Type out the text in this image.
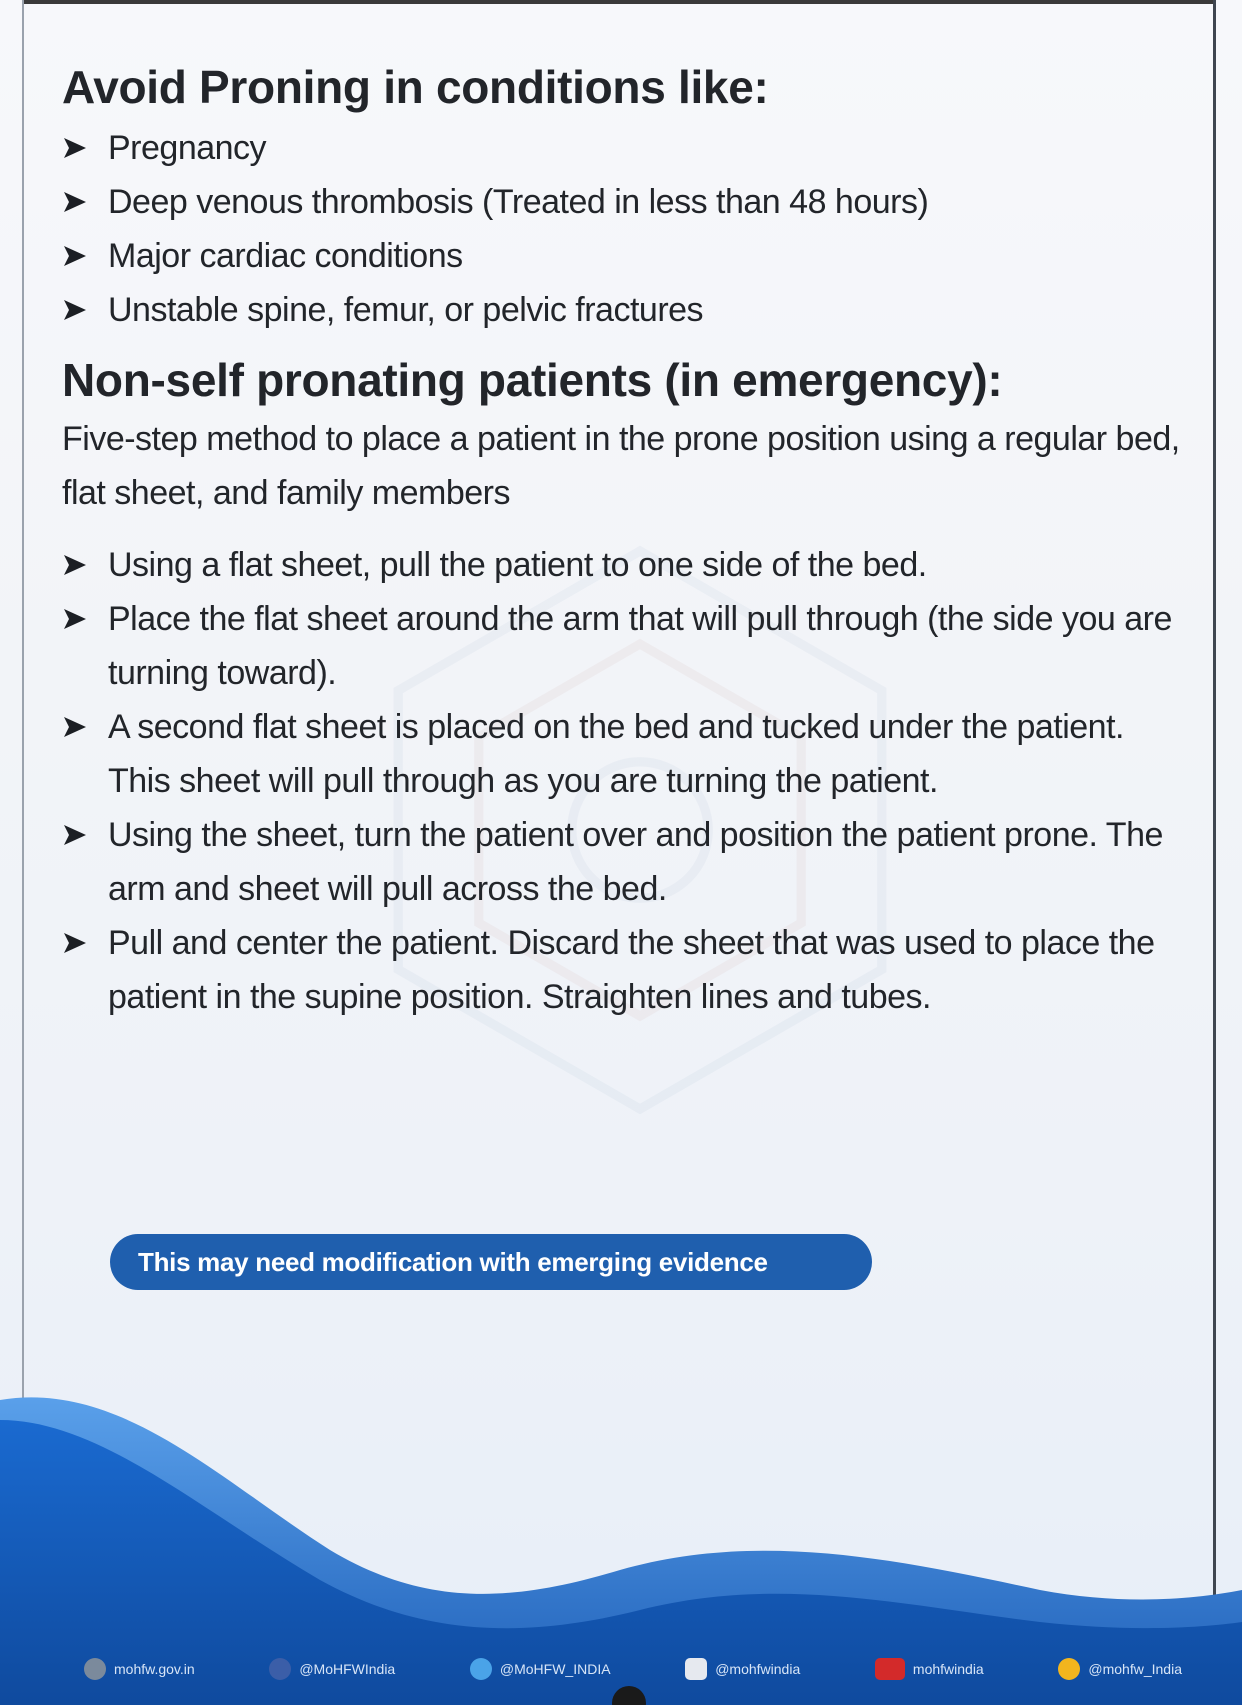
Avoid Proning in conditions like:
Pregnancy
Deep venous thrombosis (Treated in less than 48 hours)
Major cardiac conditions
Unstable spine, femur, or pelvic fractures
Non-self pronating patients (in emergency):

Five-step method to place a patient in the prone position using a regular bed, flat sheet, and family members

Using a flat sheet, pull the patient to one side of the bed.
Place the flat sheet around the arm that will pull through (the side you are turning toward).
A second flat sheet is placed on the bed and tucked under the patient. This sheet will pull through as you are turning the patient.
Using the sheet, turn the patient over and position the patient prone. The arm and sheet will pull across the bed.
Pull and center the patient. Discard the sheet that was used to place the patient in the supine position. Straighten lines and tubes.
This may need modification with emerging evidence
mohfw.gov.in	@MoHFWIndia	@MoHFW_INDIA	@mohfwindia	mohfwindia	@mohfw_India
